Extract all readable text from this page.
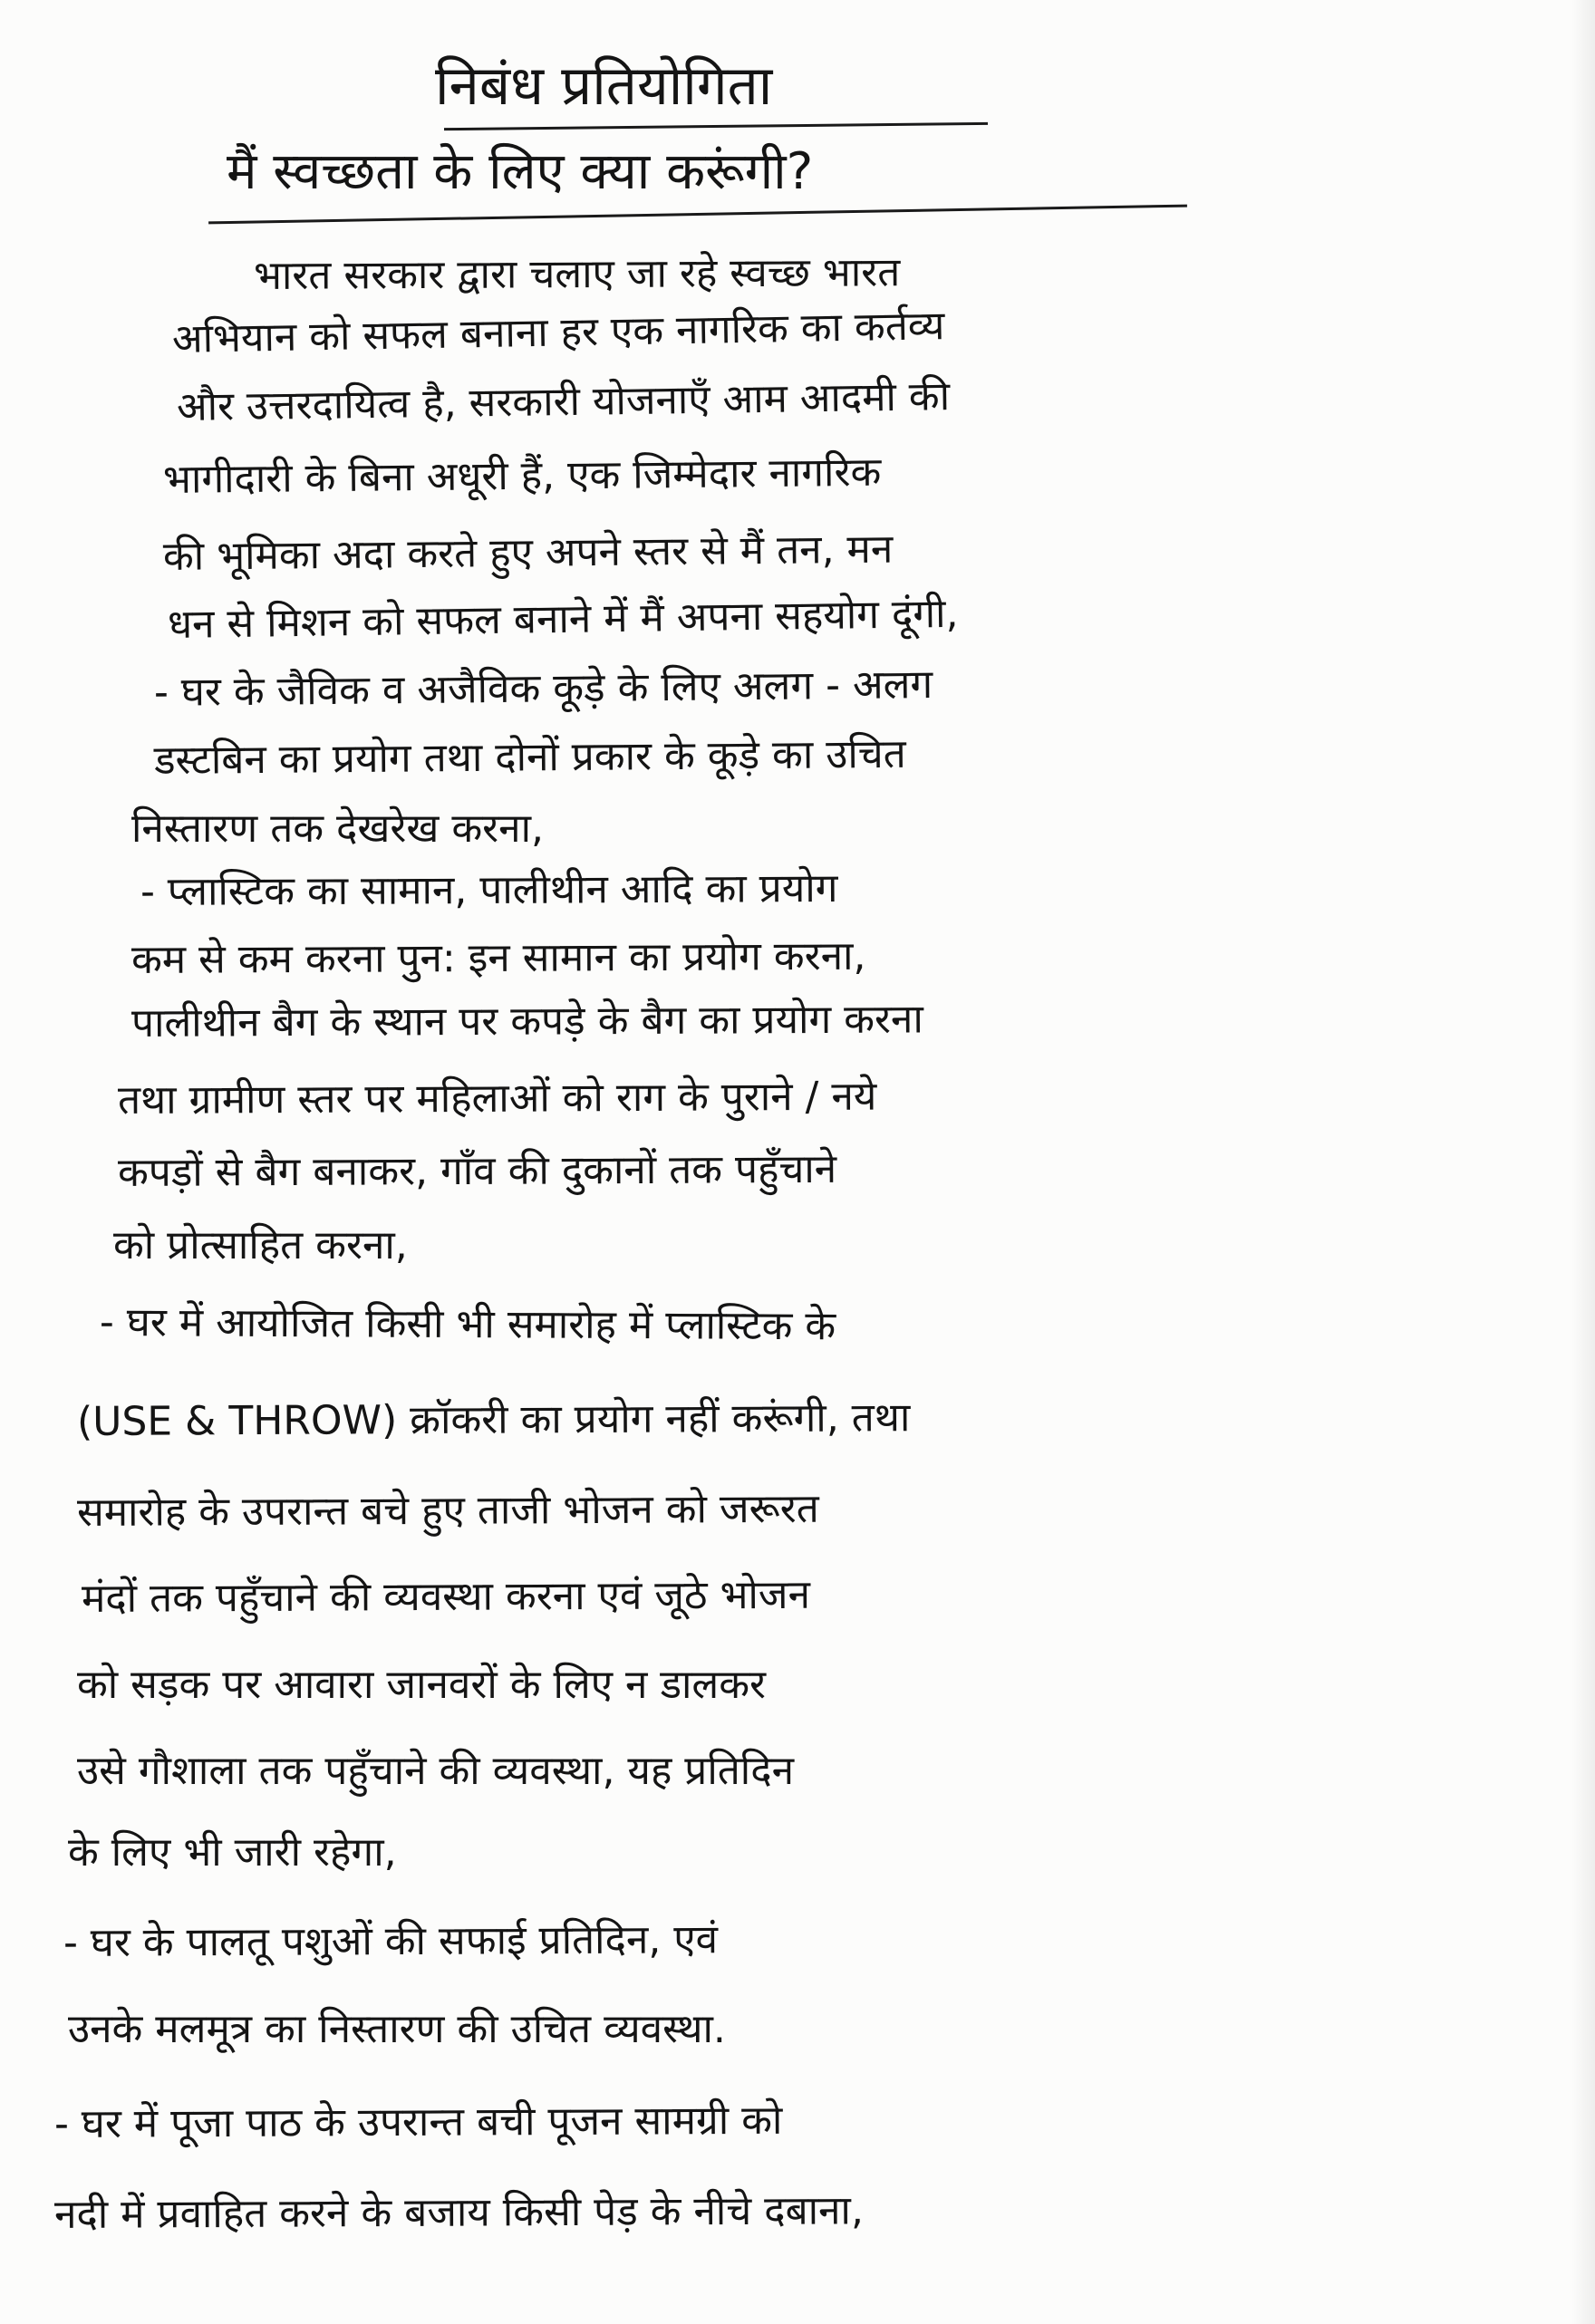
निबंध प्रतियोगिता
मैं स्वच्छता के लिए क्या करूंगी?
भारत सरकार द्वारा चलाए जा रहे स्वच्छ भारत
अभियान को सफल बनाना हर एक नागरिक का कर्तव्य
और उत्तरदायित्व है, सरकारी योजनाएँ आम आदमी की
भागीदारी के बिना अधूरी हैं, एक जिम्मेदार नागरिक
की भूमिका अदा करते हुए अपने स्तर से मैं तन, मन
धन से मिशन को सफल बनाने में मैं अपना सहयोग दूंगी,
- घर के जैविक व अजैविक कूड़े के लिए अलग - अलग
डस्टबिन का प्रयोग तथा दोनों प्रकार के कूड़े का उचित
निस्तारण तक देखरेख करना,
- प्लास्टिक का सामान, पालीथीन आदि का प्रयोग
कम से कम करना पुन: इन सामान का प्रयोग करना,
पालीथीन बैग के स्थान पर कपड़े के बैग का प्रयोग करना
तथा ग्रामीण स्तर पर महिलाओं को राग के पुराने / नये
कपड़ों से बैग बनाकर, गाँव की दुकानों तक पहुँचाने
को प्रोत्साहित करना,
- घर में आयोजित किसी भी समारोह में प्लास्टिक के
(USE & THROW) क्रॉकरी का प्रयोग नहीं करूंगी, तथा
समारोह के उपरान्त बचे हुए ताजी भोजन को जरूरत
मंदों तक पहुँचाने की व्यवस्था करना एवं जूठे भोजन
को सड़क पर आवारा जानवरों के लिए न डालकर
उसे गौशाला तक पहुँचाने की व्यवस्था, यह प्रतिदिन
के लिए भी जारी रहेगा,
- घर के पालतू पशुओं की सफाई प्रतिदिन, एवं
उनके मलमूत्र का निस्तारण की उचित व्यवस्था.
- घर में पूजा पाठ के उपरान्त बची पूजन सामग्री को
नदी में प्रवाहित करने के बजाय किसी पेड़ के नीचे दबाना,
